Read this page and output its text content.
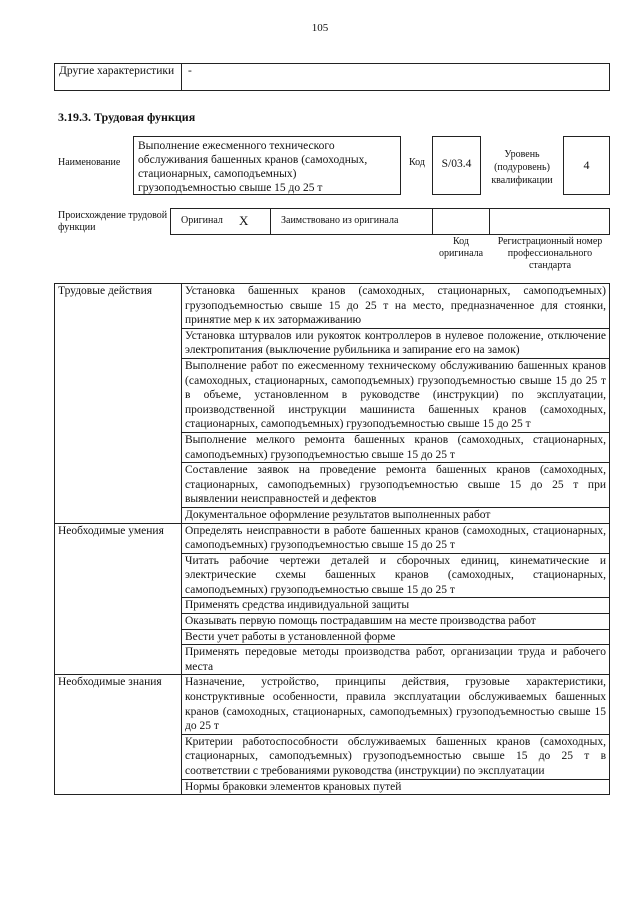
105
Другие характеристики	-
3.19.3. Трудовая функция
Наименование
Выполнение ежесменного технического обслуживания башенных кранов (самоходных, стационарных, самоподъемных) грузоподъемностью свыше 15 до 25 т
Код	S/03.4
Уровень (подуровень) квалификации
4
Происхождение трудовой функции
Оригинал X	Заимствовано из оригинала
Код оригинала
Регистрационный номер профессионального стандарта
Трудовые действия	Установка башенных кранов (самоходных, стационарных, самоподъемных) грузоподъемностью свыше 15 до 25 т на место, предназначенное для стоянки, принятие мер к их затормаживанию
	Установка штурвалов или рукояток контроллеров в нулевое положение, отключение электропитания (выключение рубильника и запирание его на замок)
	Выполнение работ по ежесменному техническому обслуживанию башенных кранов (самоходных, стационарных, самоподъемных) грузоподъемностью свыше 15 до 25 т в объеме, установленном в руководстве (инструкции) по эксплуатации, производственной инструкции машиниста башенных кранов (самоходных, стационарных, самоподъемных) грузоподъемностью свыше 15 до 25 т
	Выполнение мелкого ремонта башенных кранов (самоходных, стационарных, самоподъемных) грузоподъемностью свыше 15 до 25 т
	Составление заявок на проведение ремонта башенных кранов (самоходных, стационарных, самоподъемных) грузоподъемностью свыше 15 до 25 т при выявлении неисправностей и дефектов
	Документальное оформление результатов выполненных работ
Необходимые умения	Определять неисправности в работе башенных кранов (самоходных, стационарных, самоподъемных) грузоподъемностью свыше 15 до 25 т
	Читать рабочие чертежи деталей и сборочных единиц, кинематические и электрические схемы башенных кранов (самоходных, стационарных, самоподъемных) грузоподъемностью свыше 15 до 25 т
	Применять средства индивидуальной защиты
	Оказывать первую помощь пострадавшим на месте производства работ
	Вести учет работы в установленной форме
	Применять передовые методы производства работ, организации труда и рабочего места
Необходимые знания	Назначение, устройство, принципы действия, грузовые характеристики, конструктивные особенности, правила эксплуатации обслуживаемых башенных кранов (самоходных, стационарных, самоподъемных) грузоподъемностью свыше 15 до 25 т
	Критерии работоспособности обслуживаемых башенных кранов (самоходных, стационарных, самоподъемных) грузоподъемностью свыше 15 до 25 т в соответствии с требованиями руководства (инструкции) по эксплуатации
	Нормы браковки элементов крановых путей
